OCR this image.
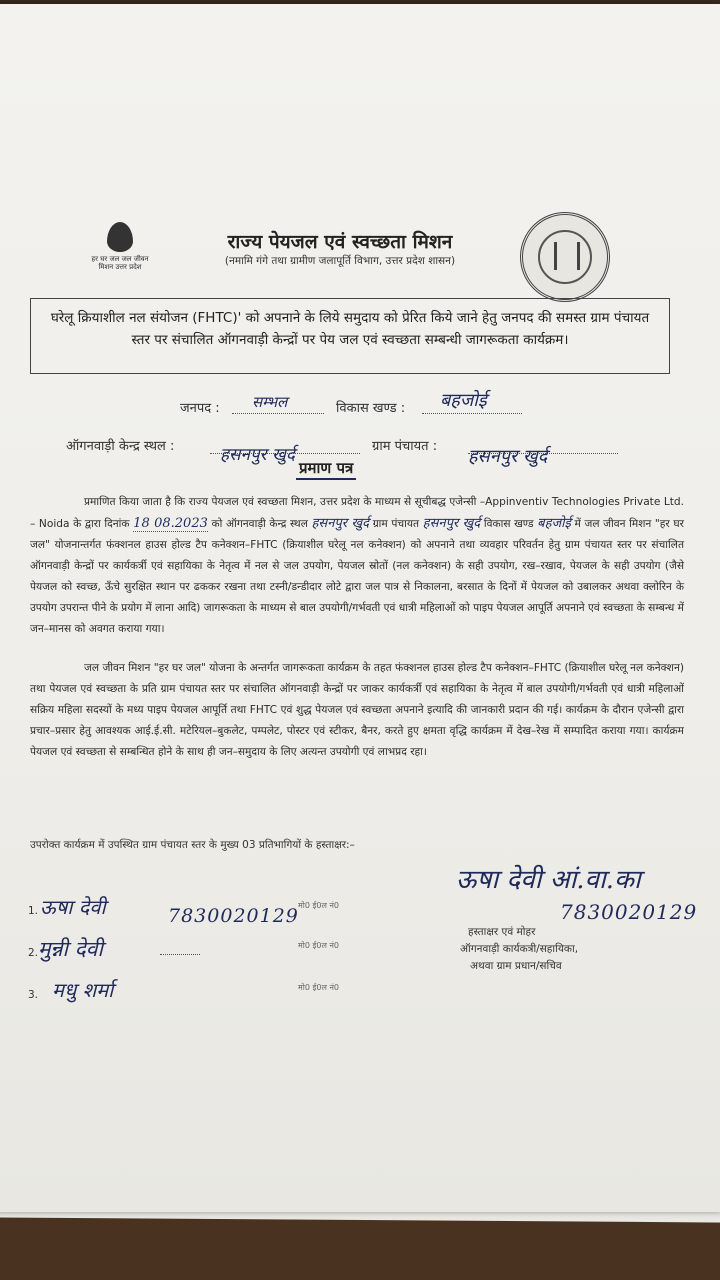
हर घर जल जल जीवन मिशन उत्तर प्रदेश
राज्य पेयजल एवं स्वच्छता मिशन
(नमामि गंगे तथा ग्रामीण जलापूर्ति विभाग, उत्तर प्रदेश शासन)
घरेलू क्रियाशील नल संयोजन (FHTC)' को अपनाने के लिये समुदाय को प्रेरित किये जाने हेतु जनपद की समस्त ग्राम पंचायत स्तर पर संचालित ऑगनवाड़ी केन्द्रों पर पेय जल एवं स्वच्छता सम्बन्धी जागरूकता कार्यक्रम।
जनपद : सम्भल	विकास खण्ड : बहजोई
ऑगनवाड़ी केन्द्र स्थल :	हसनपुर खुर्द	ग्राम पंचायत : हसनपुर खुर्द
प्रमाण पत्र

प्रमाणित किया जाता है कि राज्य पेयजल एवं स्वच्छता मिशन, उत्तर प्रदेश के माध्यम से सूचीबद्ध एजेन्सी –Appinventiv Technologies Private Ltd. – Noida के द्वारा दिनांक 18 08.2023 को ऑगनवाड़ी केन्द्र स्थल हसनपुर खुर्द ग्राम पंचायत हसनपुर खुर्द विकास खण्ड बहजोई में जल जीवन मिशन "हर घर जल" योजनान्तर्गत फंक्शनल हाउस होल्ड टैप कनेक्शन–FHTC (क्रियाशील घरेलू नल कनेक्शन) को अपनाने तथा व्यवहार परिवर्तन हेतु ग्राम पंचायत स्तर पर संचालित ऑगनवाड़ी केन्द्रों पर कार्यकर्त्री एवं सहायिका के नेतृत्व में नल से जल उपयोग, पेयजल स्रोतों (नल कनेक्शन) के सही उपयोग, रख–रखाव, पेयजल के सही उपयोग (जैसे पेयजल को स्वच्छ, ऊँचे सुरक्षित स्थान पर ढककर रखना तथा टस्नी/डन्डीदार लोटे द्वारा जल पात्र से निकालना, बरसात के दिनों में पेयजल को उबालकर अथवा क्लोरिन के उपयोग उपरान्त पीने के प्रयोग में लाना आदि) जागरूकता के माध्यम से बाल उपयोगी/गर्भवती एवं धात्री महिलाओं को पाइप पेयजल आपूर्ति अपनाने एवं स्वच्छता के सम्बन्ध में जन–मानस को अवगत कराया गया।

जल जीवन मिशन "हर घर जल" योजना के अन्तर्गत जागरूकता कार्यक्रम के तहत फंक्शनल हाउस होल्ड टैप कनेक्शन–FHTC (क्रियाशील घरेलू नल कनेक्शन) तथा पेयजल एवं स्वच्छता के प्रति ग्राम पंचायत स्तर पर संचालित ऑगनवाड़ी केन्द्रों पर जाकर कार्यकर्त्री एवं सहायिका के नेतृत्व में बाल उपयोगी/गर्भवती एवं धात्री महिलाओं सक्रिय महिला सदस्यों के मध्य पाइप पेयजल आपूर्ति तथा FHTC एवं शुद्ध पेयजल एवं स्वच्छता अपनाने इत्यादि की जानकारी प्रदान की गई। कार्यक्रम के दौरान एजेन्सी द्वारा प्रचार–प्रसार हेतु आवश्यक आई.ई.सी. मटेरियल–बुकलेट, पम्पलेट, पोस्टर एवं स्टीकर, बैनर, करते हुए क्षमता वृद्धि कार्यक्रम में देख–रेख में सम्पादित कराया गया। कार्यक्रम पेयजल एवं स्वच्छता से सम्बन्धित होने के साथ ही जन–समुदाय के लिए अत्यन्त उपयोगी एवं लाभप्रद रहा।

उपरोक्त कार्यक्रम में उपस्थित ग्राम पंचायत स्तर के मुख्य 03 प्रतिभागियों के हस्ताक्षर:–
1. ऊषा देवी	7830020129 मो0 ई0ल नं0
2. मुन्नी देवी	मो0 ई0ल नं0
3. मधु शर्मा	मो0 ई0ल नं0
ऊषा देवी आं.वा.का
7830020129
हस्ताक्षर एवं मोहर
ऑगनवाड़ी कार्यकत्री/सहायिका,
अथवा ग्राम प्रधान/सचिव
